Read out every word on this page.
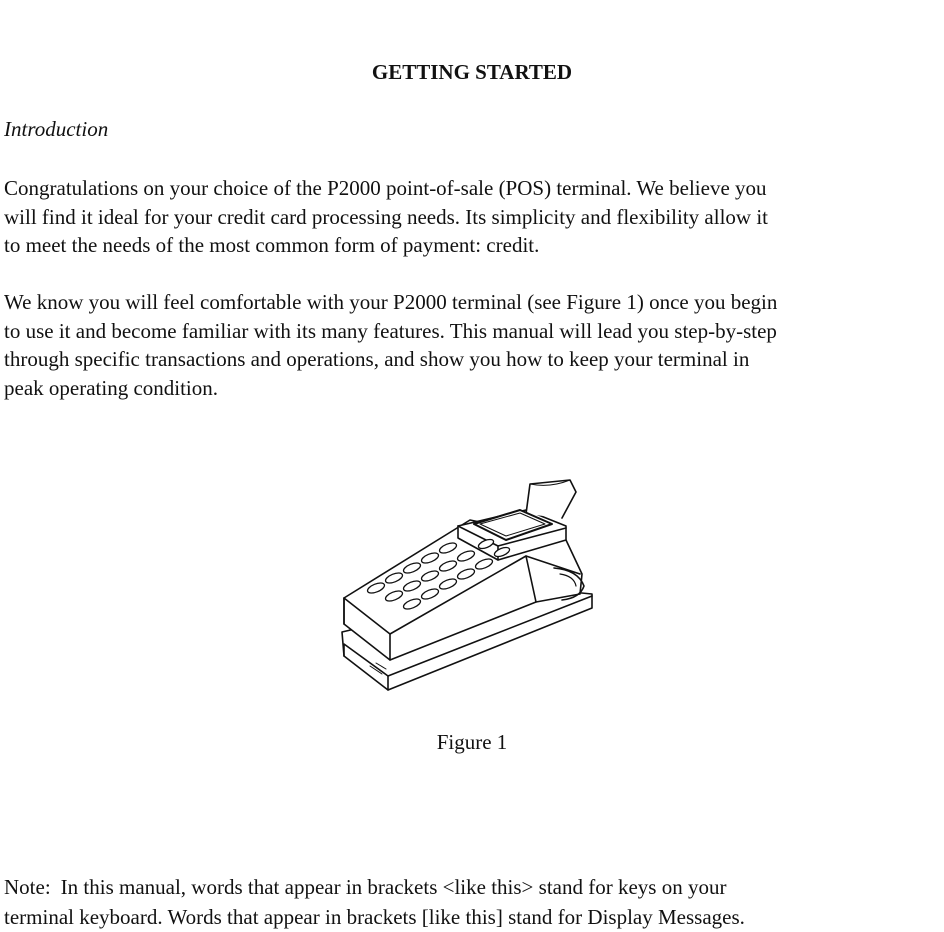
GETTING STARTED
Introduction
Congratulations on your choice of the P2000 point-of-sale (POS) terminal. We believe you
will find it ideal for your credit card processing needs. Its simplicity and flexibility allow it
to meet the needs of the most common form of payment: credit.
We know you will feel comfortable with your P2000 terminal (see Figure 1) once you begin
to use it and become familiar with its many features. This manual will lead you step-by-step
through specific transactions and operations, and show you how to keep your terminal in
peak operating condition.
Figure 1
Note: In this manual, words that appear in brackets <like this> stand for keys on your
terminal keyboard. Words that appear in brackets [like this] stand for Display Messages.
